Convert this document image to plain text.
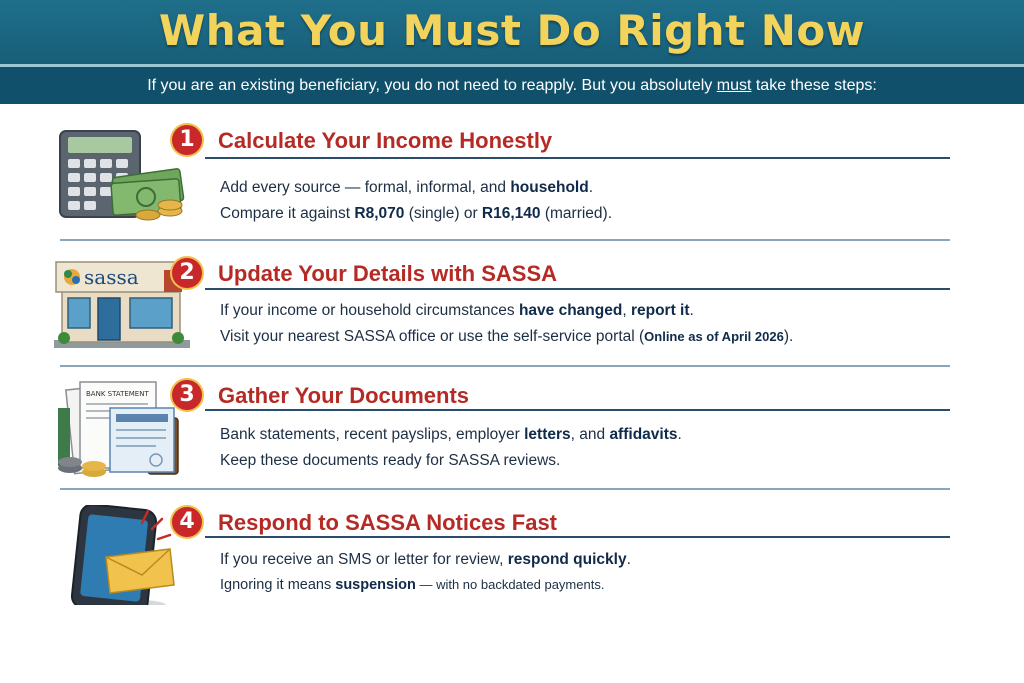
What You Must Do Right Now
If you are an existing beneficiary, you do not need to reapply. But you absolutely must take these steps:
1	Calculate Your Income Honestly
Add every source — formal, informal, and household.
Compare it against R8,070 (single) or R16,140 (married).
sassa	2	Update Your Details with SASSA
If your income or household circumstances have changed, report it.
Visit your nearest SASSA office or use the self-service portal (Online as of April 2026).
BANK STATEMENT	3	Gather Your Documents
Bank statements, recent payslips, employer letters, and affidavits.
Keep these documents ready for SASSA reviews.
4	Respond to SASSA Notices Fast
If you receive an SMS or letter for review, respond quickly.
Ignoring it means suspension — with no backdated payments.
